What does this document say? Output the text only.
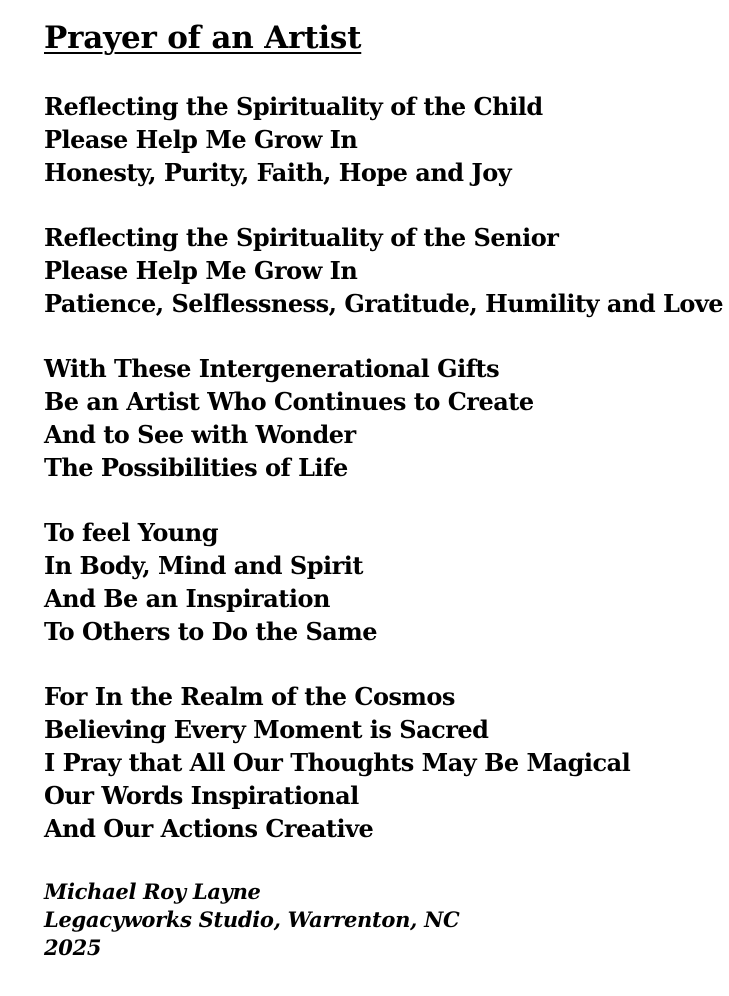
Prayer of an Artist
Reflecting the Spirituality of the Child
Please Help Me Grow In
Honesty, Purity, Faith, Hope and Joy
Reflecting the Spirituality of the Senior
Please Help Me Grow In
Patience, Selflessness, Gratitude, Humility and Love
With These Intergenerational Gifts
Be an Artist Who Continues to Create
And to See with Wonder
The Possibilities of Life
To feel Young
In Body, Mind and Spirit
And Be an Inspiration
To Others to Do the Same
For In the Realm of the Cosmos
Believing Every Moment is Sacred
I Pray that All Our Thoughts May Be Magical
Our Words Inspirational
And Our Actions Creative
Michael Roy Layne
Legacyworks Studio, Warrenton, NC
2025
